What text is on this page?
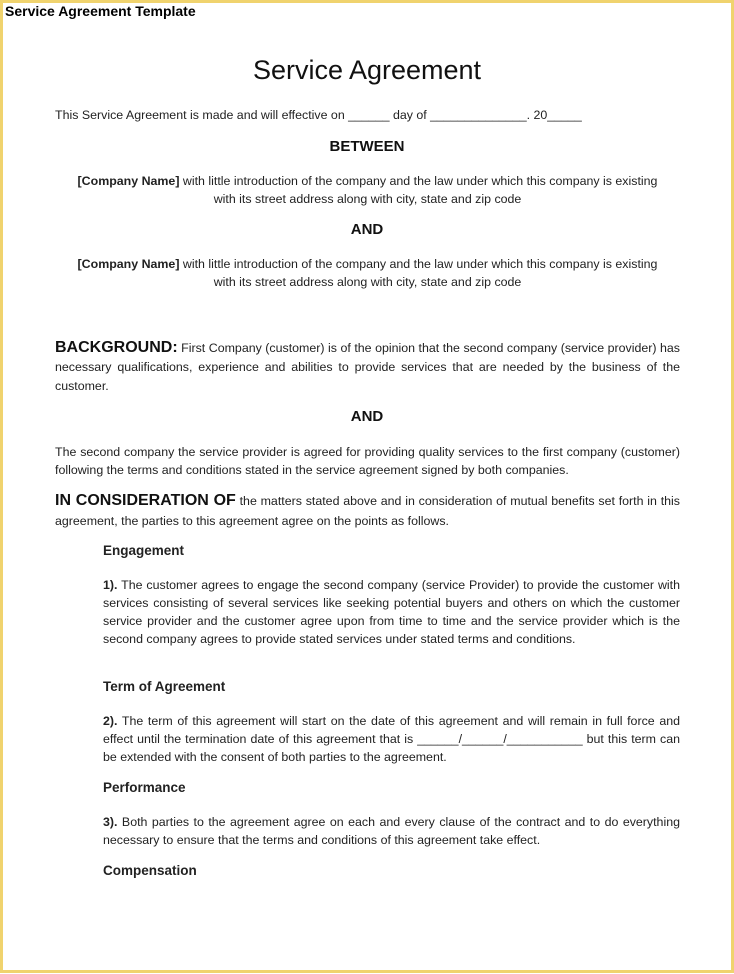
Service Agreement Template
Service Agreement
This Service Agreement is made and will effective on ______ day of ______________. 20_____
BETWEEN
[Company Name] with little introduction of the company and the law under which this company is existing
with its street address along with city, state and zip code
AND
[Company Name] with little introduction of the company and the law under which this company is existing
with its street address along with city, state and zip code
BACKGROUND: First Company (customer) is of the opinion that the second company (service provider) has necessary qualifications, experience and abilities to provide services that are needed by the business of the customer.
AND
The second company the service provider is agreed for providing quality services to the first company (customer) following the terms and conditions stated in the service agreement signed by both companies.
IN CONSIDERATION OF the matters stated above and in consideration of mutual benefits set forth in this agreement, the parties to this agreement agree on the points as follows.
Engagement
1). The customer agrees to engage the second company (service Provider) to provide the customer with services consisting of several services like seeking potential buyers and others on which the customer service provider and the customer agree upon from time to time and the service provider which is the second company agrees to provide stated services under stated terms and conditions.
Term of Agreement
2). The term of this agreement will start on the date of this agreement and will remain in full force and effect until the termination date of this agreement that is ______/______/___________ but this term can be extended with the consent of both parties to the agreement.
Performance
3). Both parties to the agreement agree on each and every clause of the contract and to do everything necessary to ensure that the terms and conditions of this agreement take effect.
Compensation
